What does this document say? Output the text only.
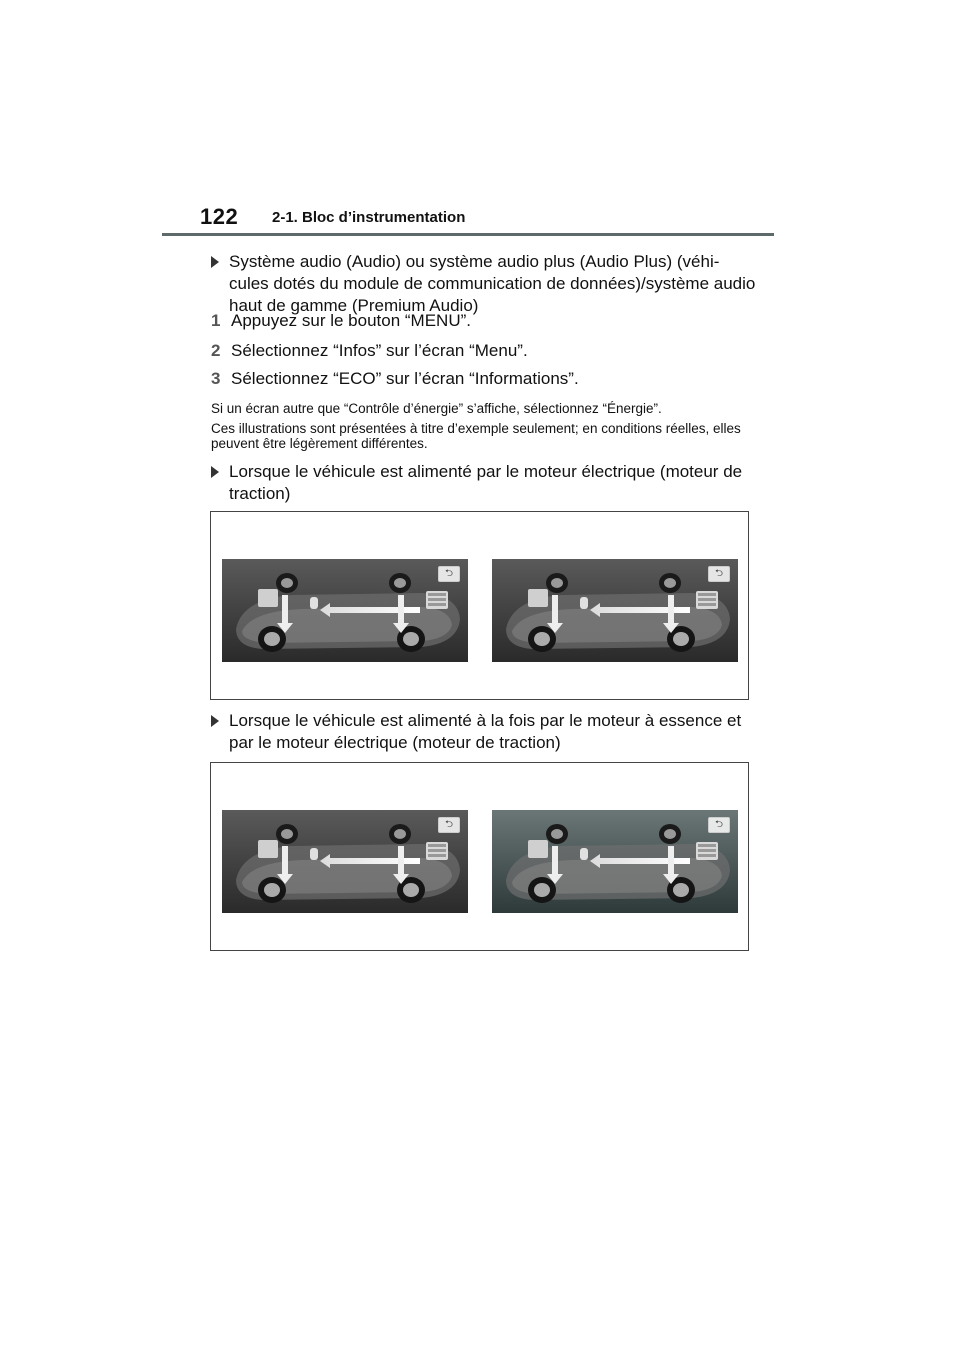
122 2-1. Bloc d’instrumentation
Système audio (Audio) ou système audio plus (Audio Plus) (véhi-cules dotés du module de communication de données)/système audio haut de gamme (Premium Audio)
1 Appuyez sur le bouton “MENU”.
2 Sélectionnez “Infos” sur l’écran “Menu”.
3 Sélectionnez “ECO” sur l’écran “Informations”.
Si un écran autre que “Contrôle d’énergie” s’affiche, sélectionnez “Énergie”.
Ces illustrations sont présentées à titre d’exemple seulement; en conditions réelles, elles peuvent être légèrement différentes.
Lorsque le véhicule est alimenté par le moteur électrique (moteur de traction)
⮌	⮌
Lorsque le véhicule est alimenté à la fois par le moteur à essence et par le moteur électrique (moteur de traction)
⮌	⮌
